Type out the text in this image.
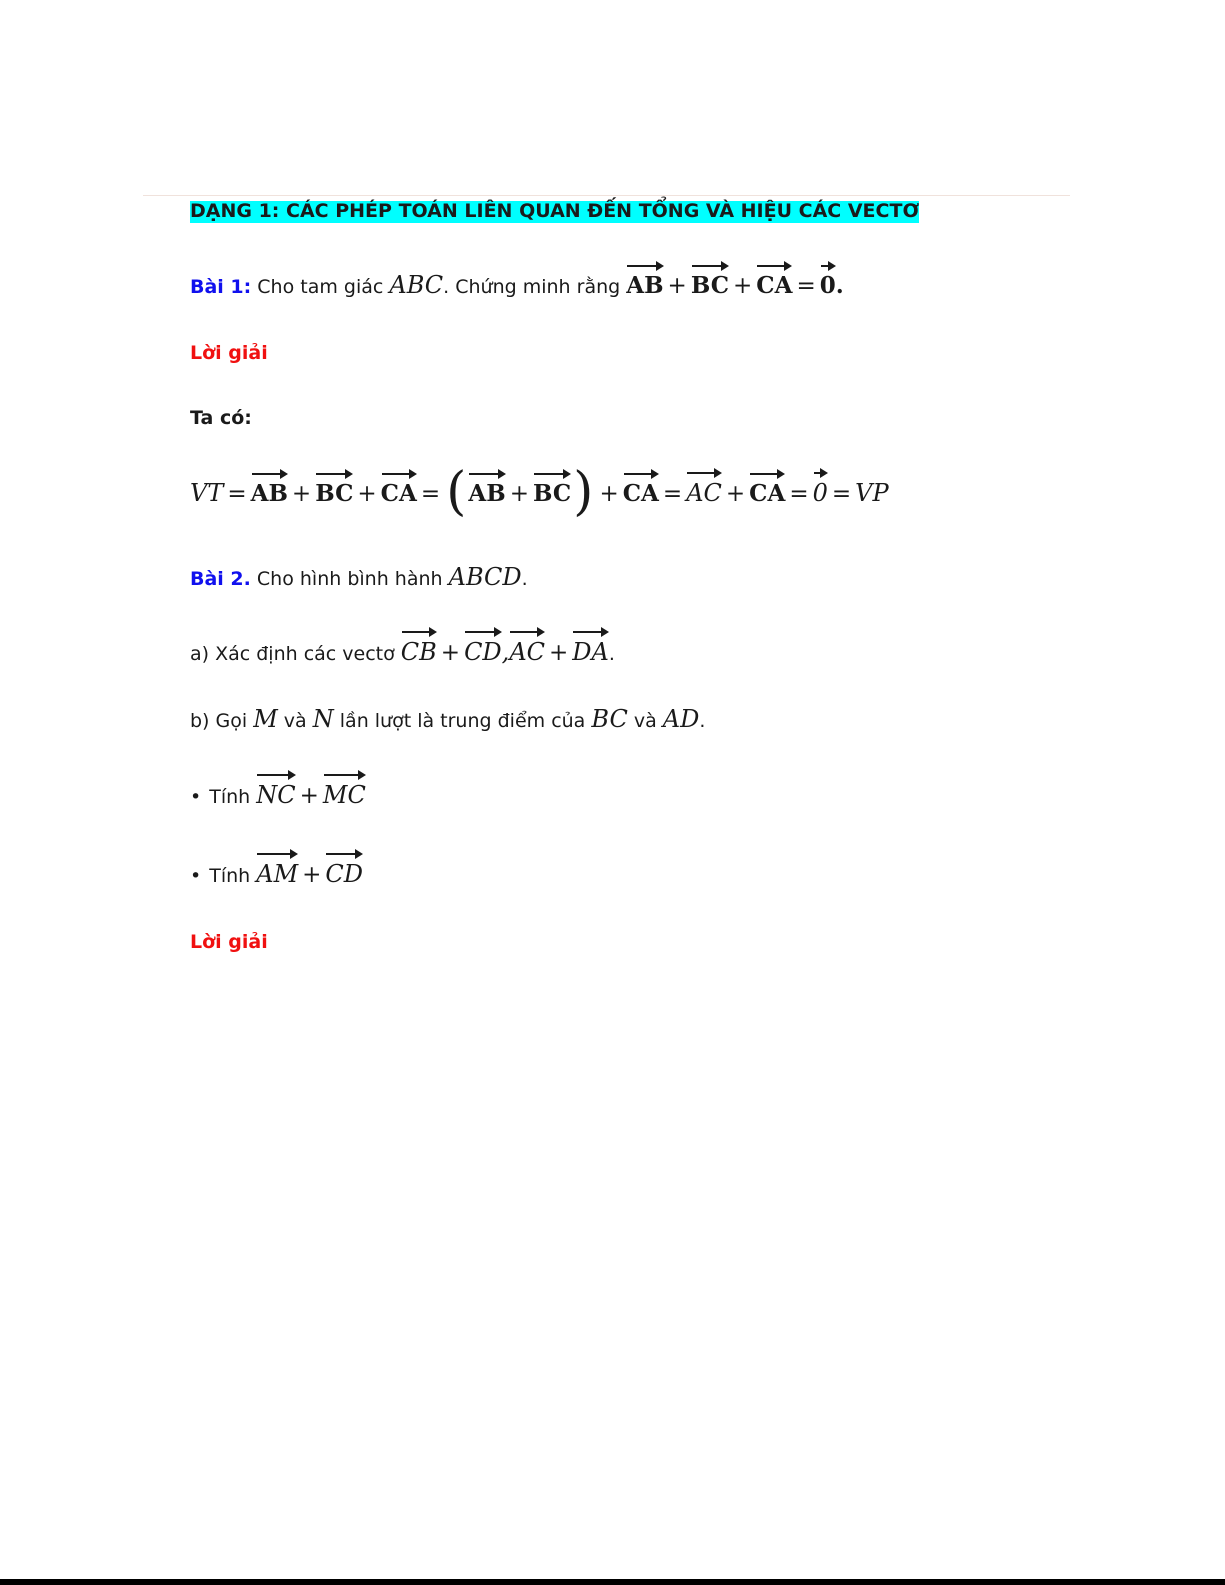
DẠNG 1: CÁC PHÉP TOÁN LIÊN QUAN ĐẾN TỔNG VÀ HIỆU CÁC VECTƠ
Bài 1: Cho tam giác ABC. Chứng minh rằng AB + BC + CA = 0.
Lời giải
Ta có:
VT = AB + BC + CA = (AB + BC) + CA = AC + CA = 0 = VP
Bài 2. Cho hình bình hành ABCD.
a) Xác định các vectơ CB + CD,AC + DA.
b) Gọi M và N lần lượt là trung điểm của BC và AD.
• Tính NC + MC
• Tính AM + CD
Lời giải
